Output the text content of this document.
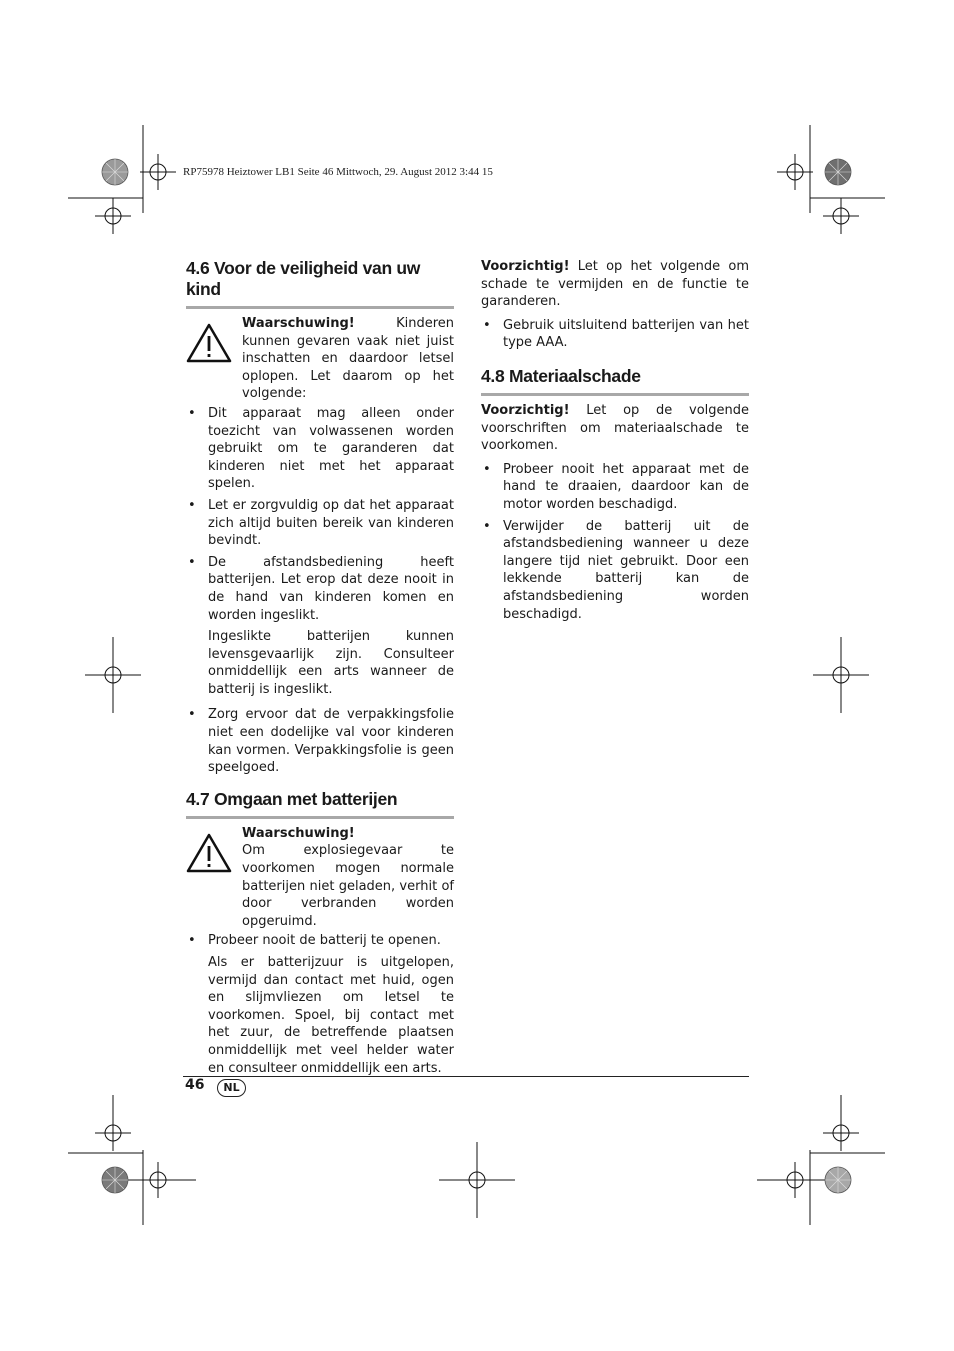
RP75978 Heiztower LB1 Seite 46 Mittwoch, 29. August 2012 3:44 15
4.6 Voor de veiligheid van uw kind
Waarschuwing! Kinderen kunnen gevaren vaak niet juist inschatten en daardoor letsel oplopen. Let daarom op het volgende:
• Dit apparaat mag alleen onder toezicht van volwassenen worden gebruikt om te garanderen dat kinderen niet met het apparaat spelen.
• Let er zorgvuldig op dat het apparaat zich altijd buiten bereik van kinderen bevindt.
• De afstandsbediening heeft batterijen. Let erop dat deze nooit in de hand van kinderen komen en worden ingeslikt.

Ingeslikte batterijen kunnen levensgevaarlijk zijn. Consulteer onmiddellijk een arts wanneer de batterij is ingeslikt.

• Zorg ervoor dat de verpakkingsfolie niet een dodelijke val voor kinderen kan vormen. Verpakkingsfolie is geen speelgoed.
4.7 Omgaan met batterijen
Waarschuwing!
Om explosiegevaar te voorkomen mogen normale batterijen niet geladen, verhit of door verbranden worden opgeruimd.
• Probeer nooit de batterij te openen.

Als er batterijzuur is uitgelopen, vermijd dan contact met huid, ogen en slijmvliezen om letsel te voorkomen. Spoel, bij contact met het zuur, de betreffende plaatsen onmiddellijk met veel helder water en consulteer onmiddellijk een arts.

Voorzichtig! Let op het volgende om schade te vermijden en de functie te garanderen.

• Gebruik uitsluitend batterijen van het type AAA.
4.8 Materiaalschade

Voorzichtig! Let op de volgende voorschriften om materiaalschade te voorkomen.

• Probeer nooit het apparaat met de hand te draaien, daardoor kan de motor worden beschadigd.
• Verwijder de batterij uit de afstandsbediening wanneer u deze langere tijd niet gebruikt. Door een lekkende batterij kan de afstandsbediening worden beschadigd.
46	NL
